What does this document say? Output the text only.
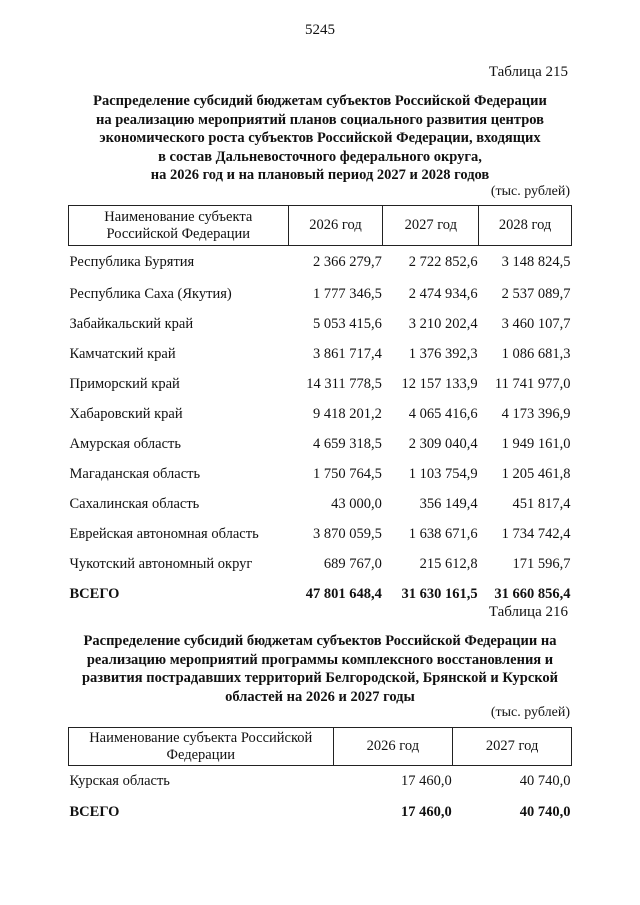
5245
Таблица 215
Распределение субсидий бюджетам субъектов Российской Федерации
на реализацию мероприятий планов социального развития центров
экономического роста субъектов Российской Федерации, входящих
в состав Дальневосточного федерального округа,
на 2026 год и на плановый период 2027 и 2028 годов
(тыс. рублей)
Наименование субъекта
Российской Федерации	2026 год	2027 год	2028 год
Республика Бурятия	2 366 279,7	2 722 852,6	3 148 824,5
Республика Саха (Якутия)	1 777 346,5	2 474 934,6	2 537 089,7
Забайкальский край	5 053 415,6	3 210 202,4	3 460 107,7
Камчатский край	3 861 717,4	1 376 392,3	1 086 681,3
Приморский край	14 311 778,5	12 157 133,9	11 741 977,0
Хабаровский край	9 418 201,2	4 065 416,6	4 173 396,9
Амурская область	4 659 318,5	2 309 040,4	1 949 161,0
Магаданская область	1 750 764,5	1 103 754,9	1 205 461,8
Сахалинская область	43 000,0	356 149,4	451 817,4
Еврейская автономная область	3 870 059,5	1 638 671,6	1 734 742,4
Чукотский автономный округ	689 767,0	215 612,8	171 596,7
ВСЕГО	47 801 648,4	31 630 161,5	31 660 856,4
Таблица 216
Распределение субсидий бюджетам субъектов Российской Федерации на
реализацию мероприятий программы комплексного восстановления и
развития пострадавших территорий Белгородской, Брянской и Курской
областей на 2026 и 2027 годы
(тыс. рублей)
Наименование субъекта Российской
Федерации	2026 год	2027 год
Курская область	17 460,0	40 740,0
ВСЕГО	17 460,0	40 740,0
